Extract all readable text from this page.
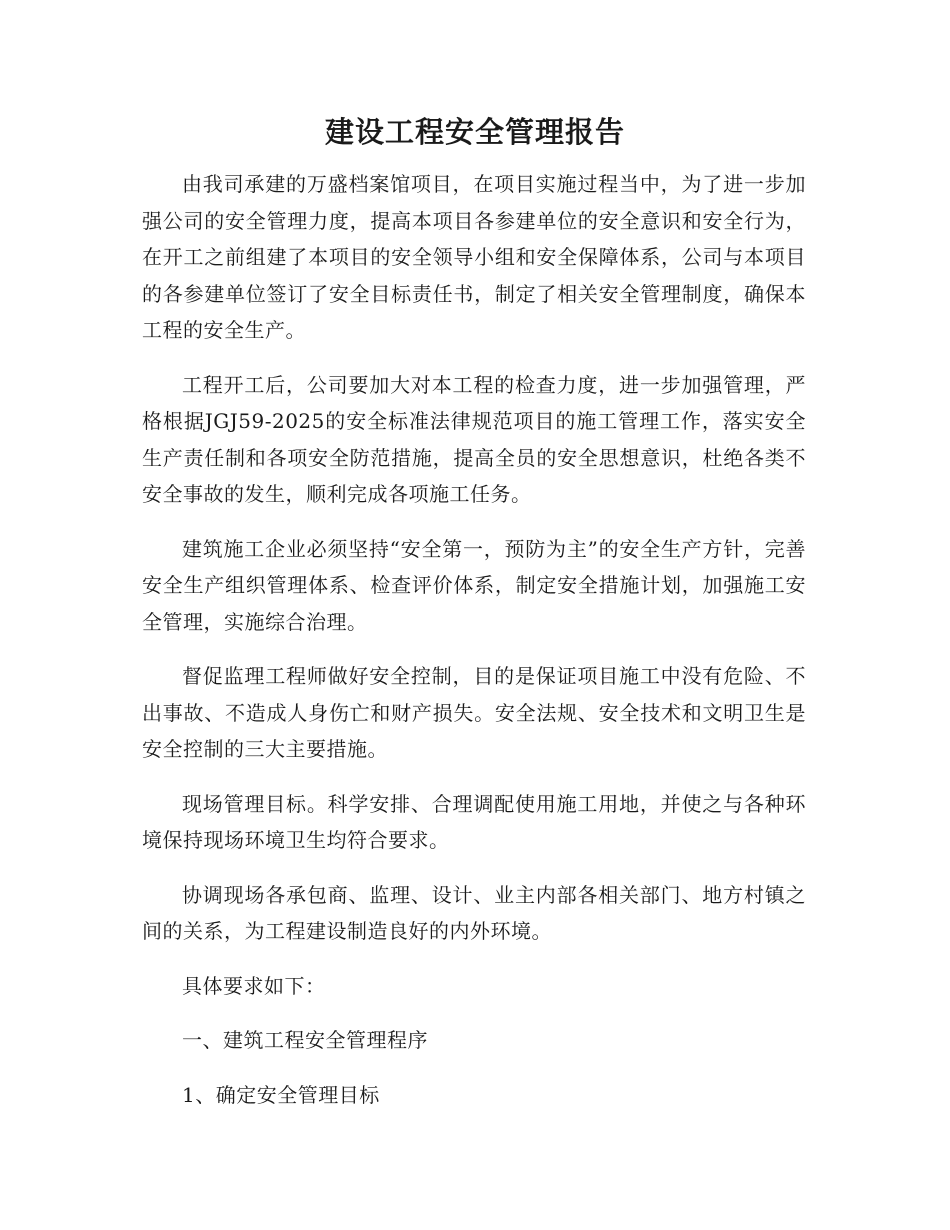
建设工程安全管理报告

由我司承建的万盛档案馆项目，在项目实施过程当中，为了进一步加强公司的安全管理力度，提高本项目各参建单位的安全意识和安全行为，在开工之前组建了本项目的安全领导小组和安全保障体系，公司与本项目的各参建单位签订了安全目标责任书，制定了相关安全管理制度，确保本工程的安全生产。

工程开工后，公司要加大对本工程的检查力度，进一步加强管理，严格根据JGJ59-2025的安全标准法律规范项目的施工管理工作，落实安全生产责任制和各项安全防范措施，提高全员的安全思想意识，杜绝各类不安全事故的发生，顺利完成各项施工任务。

建筑施工企业必须坚持“安全第一，预防为主”的安全生产方针，完善安全生产组织管理体系、检查评价体系，制定安全措施计划，加强施工安全管理，实施综合治理。

督促监理工程师做好安全控制，目的是保证项目施工中没有危险、不出事故、不造成人身伤亡和财产损失。安全法规、安全技术和文明卫生是安全控制的三大主要措施。

现场管理目标。科学安排、合理调配使用施工用地，并使之与各种环境保持现场环境卫生均符合要求。

协调现场各承包商、监理、设计、业主内部各相关部门、地方村镇之间的关系，为工程建设制造良好的内外环境。

具体要求如下：

一、建筑工程安全管理程序

1、确定安全管理目标
